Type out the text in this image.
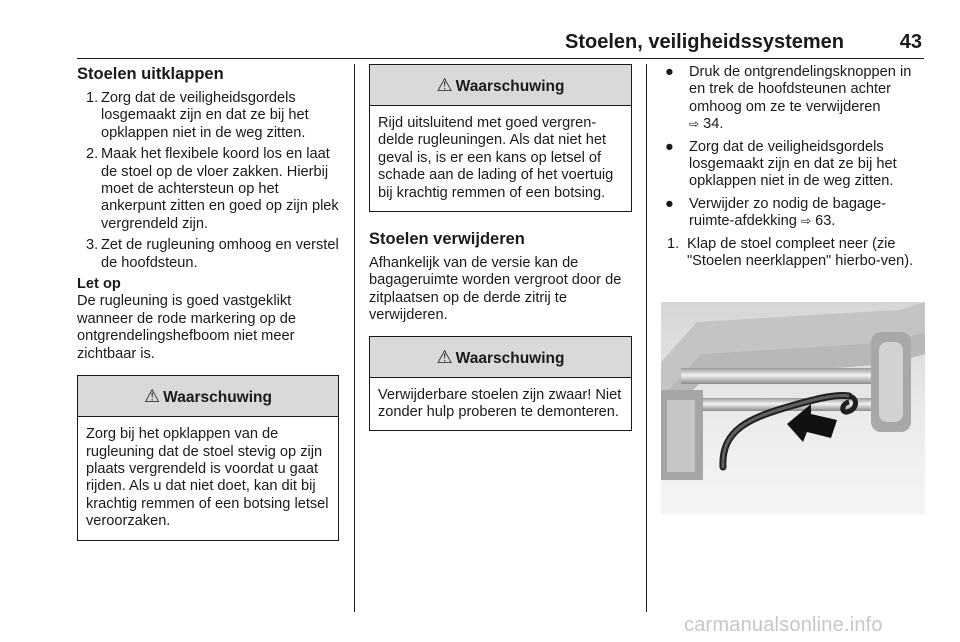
Stoelen, veiligheidssystemen	43
Stoelen uitklappen
1. Zorg dat de veiligheidsgordels losgemaakt zijn en dat ze bij het opklappen niet in de weg zitten.
2. Maak het flexibele koord los en laat de stoel op de vloer zakken. Hierbij moet de achtersteun op het ankerpunt zitten en goed op zijn plek vergrendeld zijn.
3. Zet de rugleuning omhoog en verstel de hoofdsteun.
Let op

De rugleuning is goed vastgeklikt wanneer de rode markering op de ontgrendelingshefboom niet meer zichtbaar is.

⚠ Waarschuwing
Zorg bij het opklappen van de rugleuning dat de stoel stevig op zijn plaats vergrendeld is voordat u gaat rijden. Als u dat niet doet, kan dit bij krachtig remmen of een botsing letsel veroorzaken.
⚠ Waarschuwing
Rijd uitsluitend met goed vergren-delde rugleuningen. Als dat niet het geval is, is er een kans op letsel of schade aan de lading of het voertuig bij krachtig remmen of een botsing.
Stoelen verwijderen

Afhankelijk van de versie kan de bagageruimte worden vergroot door de zitplaatsen op de derde zitrij te verwijderen.

⚠ Waarschuwing
Verwijderbare stoelen zijn zwaar! Niet zonder hulp proberen te demonteren.
● Druk de ontgrendelingsknoppen in en trek de hoofdsteunen achter omhoog om ze te verwijderen
⇨ 34.
● Zorg dat de veiligheidsgordels losgemaakt zijn en dat ze bij het opklappen niet in de weg zitten.
● Verwijder zo nodig de bagage-ruimte-afdekking ⇨ 63.
1. Klap de stoel compleet neer (zie "Stoelen neerklappen" hierbo-ven).
carmanualsonline.info
